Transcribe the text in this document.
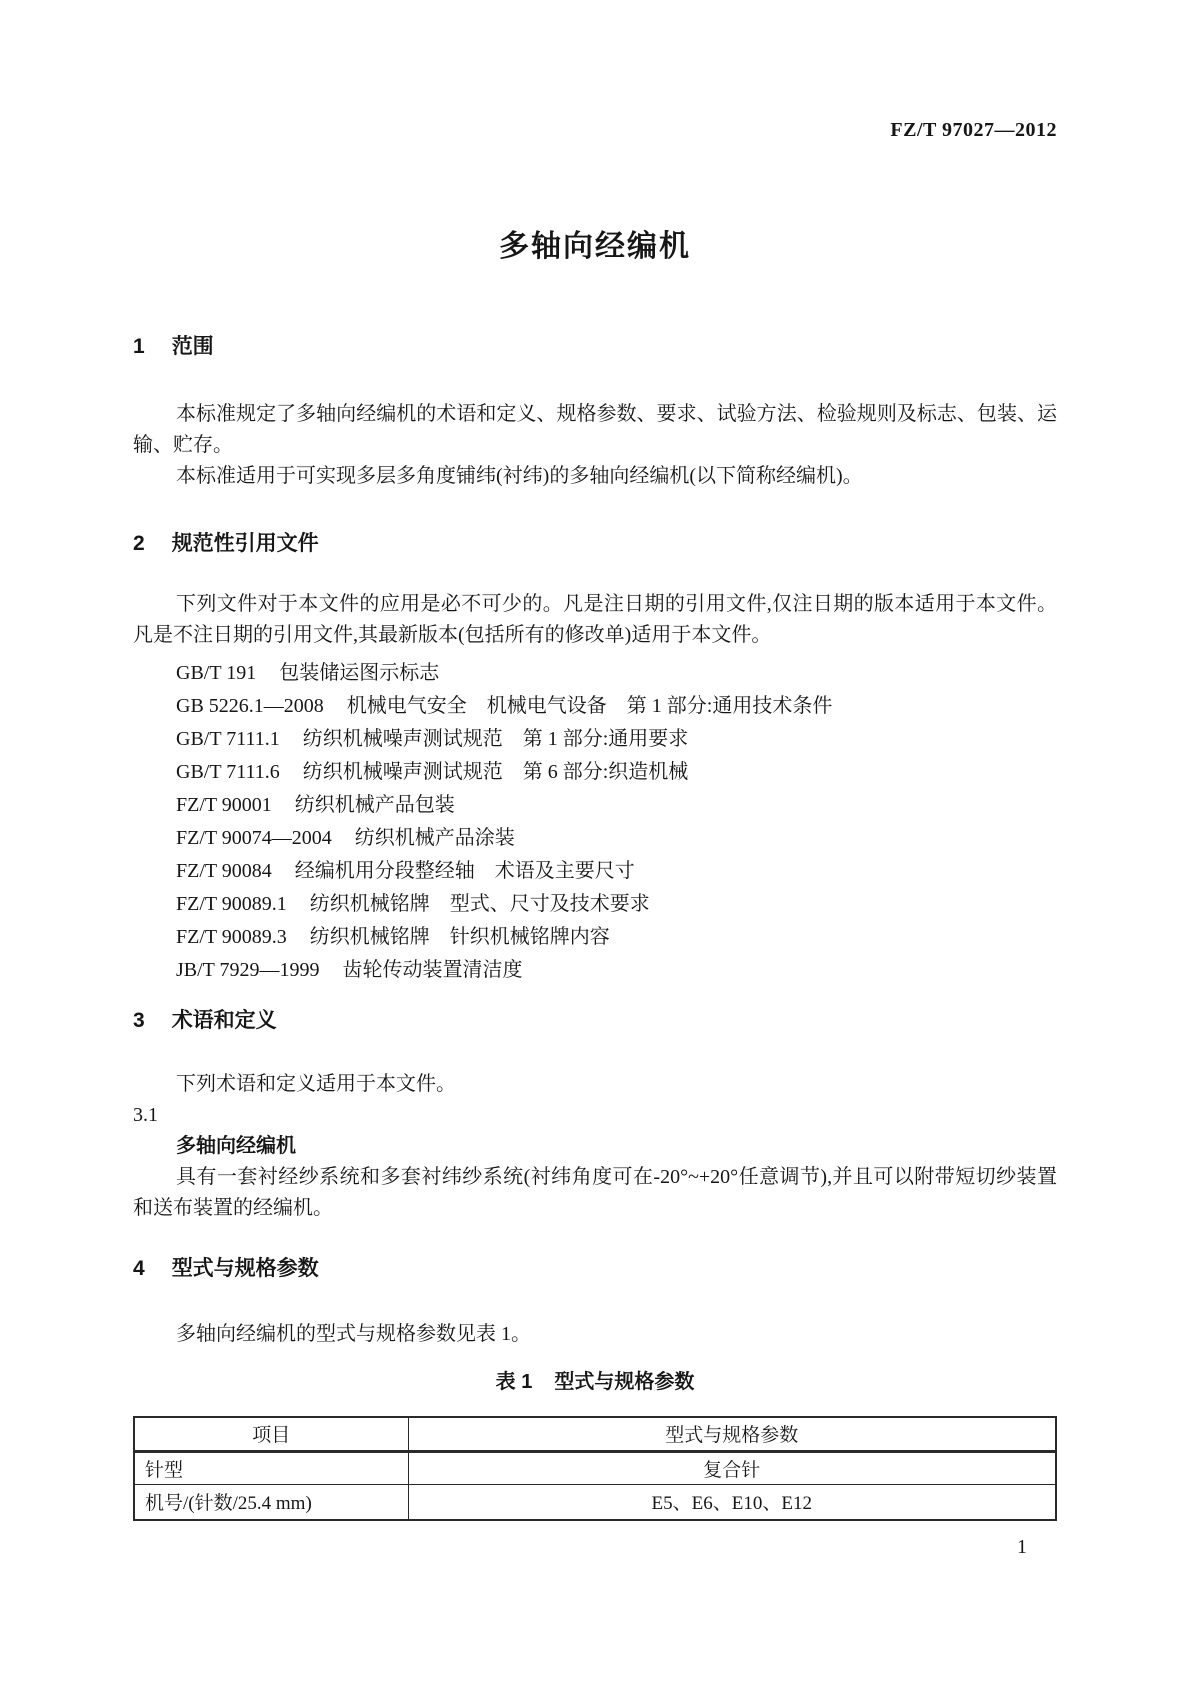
FZ/T 97027—2012
多轴向经编机
1 范围
本标准规定了多轴向经编机的术语和定义、规格参数、要求、试验方法、检验规则及标志、包装、运输、贮存。
本标准适用于可实现多层多角度铺纬(衬纬)的多轴向经编机(以下简称经编机)。
2 规范性引用文件
下列文件对于本文件的应用是必不可少的。凡是注日期的引用文件,仅注日期的版本适用于本文件。凡是不注日期的引用文件,其最新版本(包括所有的修改单)适用于本文件。
GB/T 191 包装储运图示标志
GB 5226.1—2008 机械电气安全　机械电气设备　第 1 部分:通用技术条件
GB/T 7111.1 纺织机械噪声测试规范　第 1 部分:通用要求
GB/T 7111.6 纺织机械噪声测试规范　第 6 部分:织造机械
FZ/T 90001 纺织机械产品包装
FZ/T 90074—2004 纺织机械产品涂装
FZ/T 90084 经编机用分段整经轴　术语及主要尺寸
FZ/T 90089.1 纺织机械铭牌　型式、尺寸及技术要求
FZ/T 90089.3 纺织机械铭牌　针织机械铭牌内容
JB/T 7929—1999 齿轮传动装置清洁度
3 术语和定义
下列术语和定义适用于本文件。
3.1
多轴向经编机
具有一套衬经纱系统和多套衬纬纱系统(衬纬角度可在-20°~+20°任意调节),并且可以附带短切纱装置和送布装置的经编机。
4 型式与规格参数
多轴向经编机的型式与规格参数见表 1。
表 1 型式与规格参数
项目	型式与规格参数
针型	复合针
机号/(针数/25.4 mm)	E5、E6、E10、E12
1
